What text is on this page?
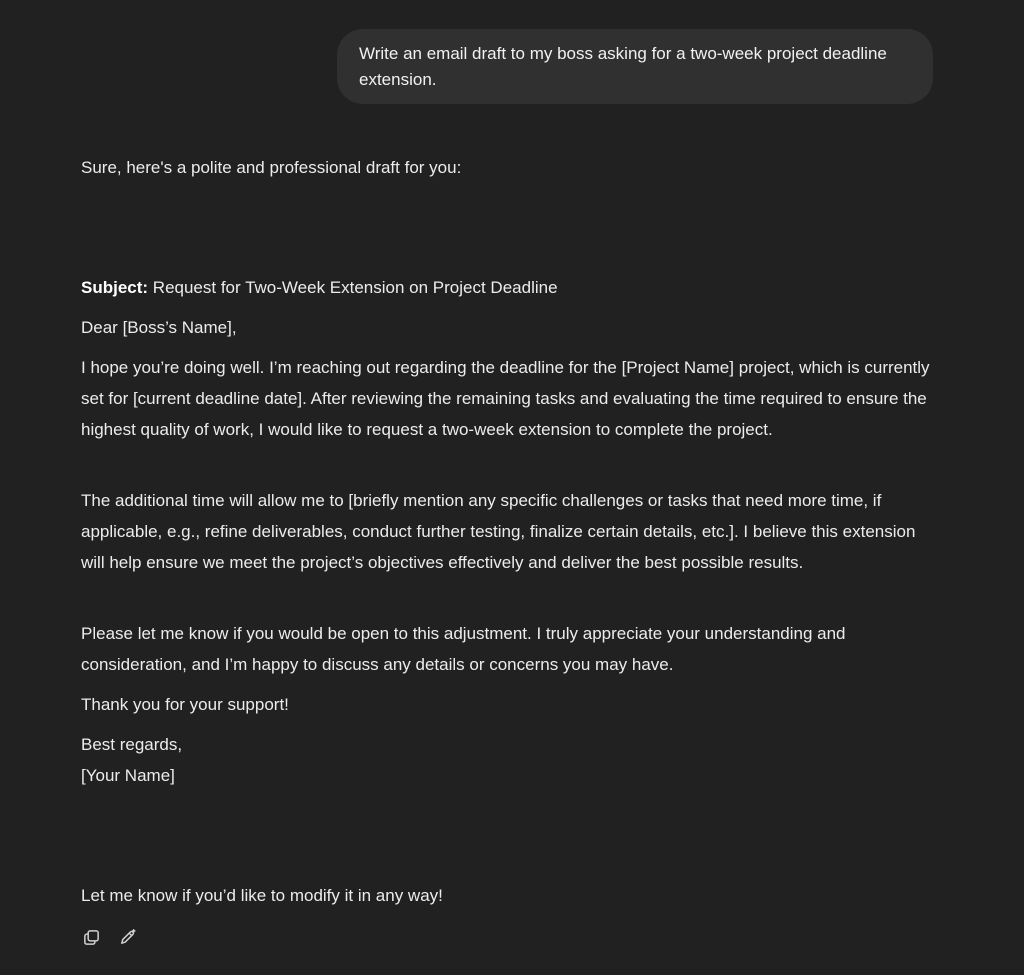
Write an email draft to my boss asking for a two-week project deadline extension.
Sure, here's a polite and professional draft for you:
Subject: Request for Two-Week Extension on Project Deadline
Dear [Boss’s Name],
I hope you’re doing well. I’m reaching out regarding the deadline for the [Project Name] project, which is currently set for [current deadline date]. After reviewing the remaining tasks and evaluating the time required to ensure the highest quality of work, I would like to request a two-week extension to complete the project.
The additional time will allow me to [briefly mention any specific challenges or tasks that need more time, if applicable, e.g., refine deliverables, conduct further testing, finalize certain details, etc.]. I believe this extension will help ensure we meet the project’s objectives effectively and deliver the best possible results.
Please let me know if you would be open to this adjustment. I truly appreciate your understanding and consideration, and I’m happy to discuss any details or concerns you may have.
Thank you for your support!
Best regards,
[Your Name]
Let me know if you’d like to modify it in any way!
